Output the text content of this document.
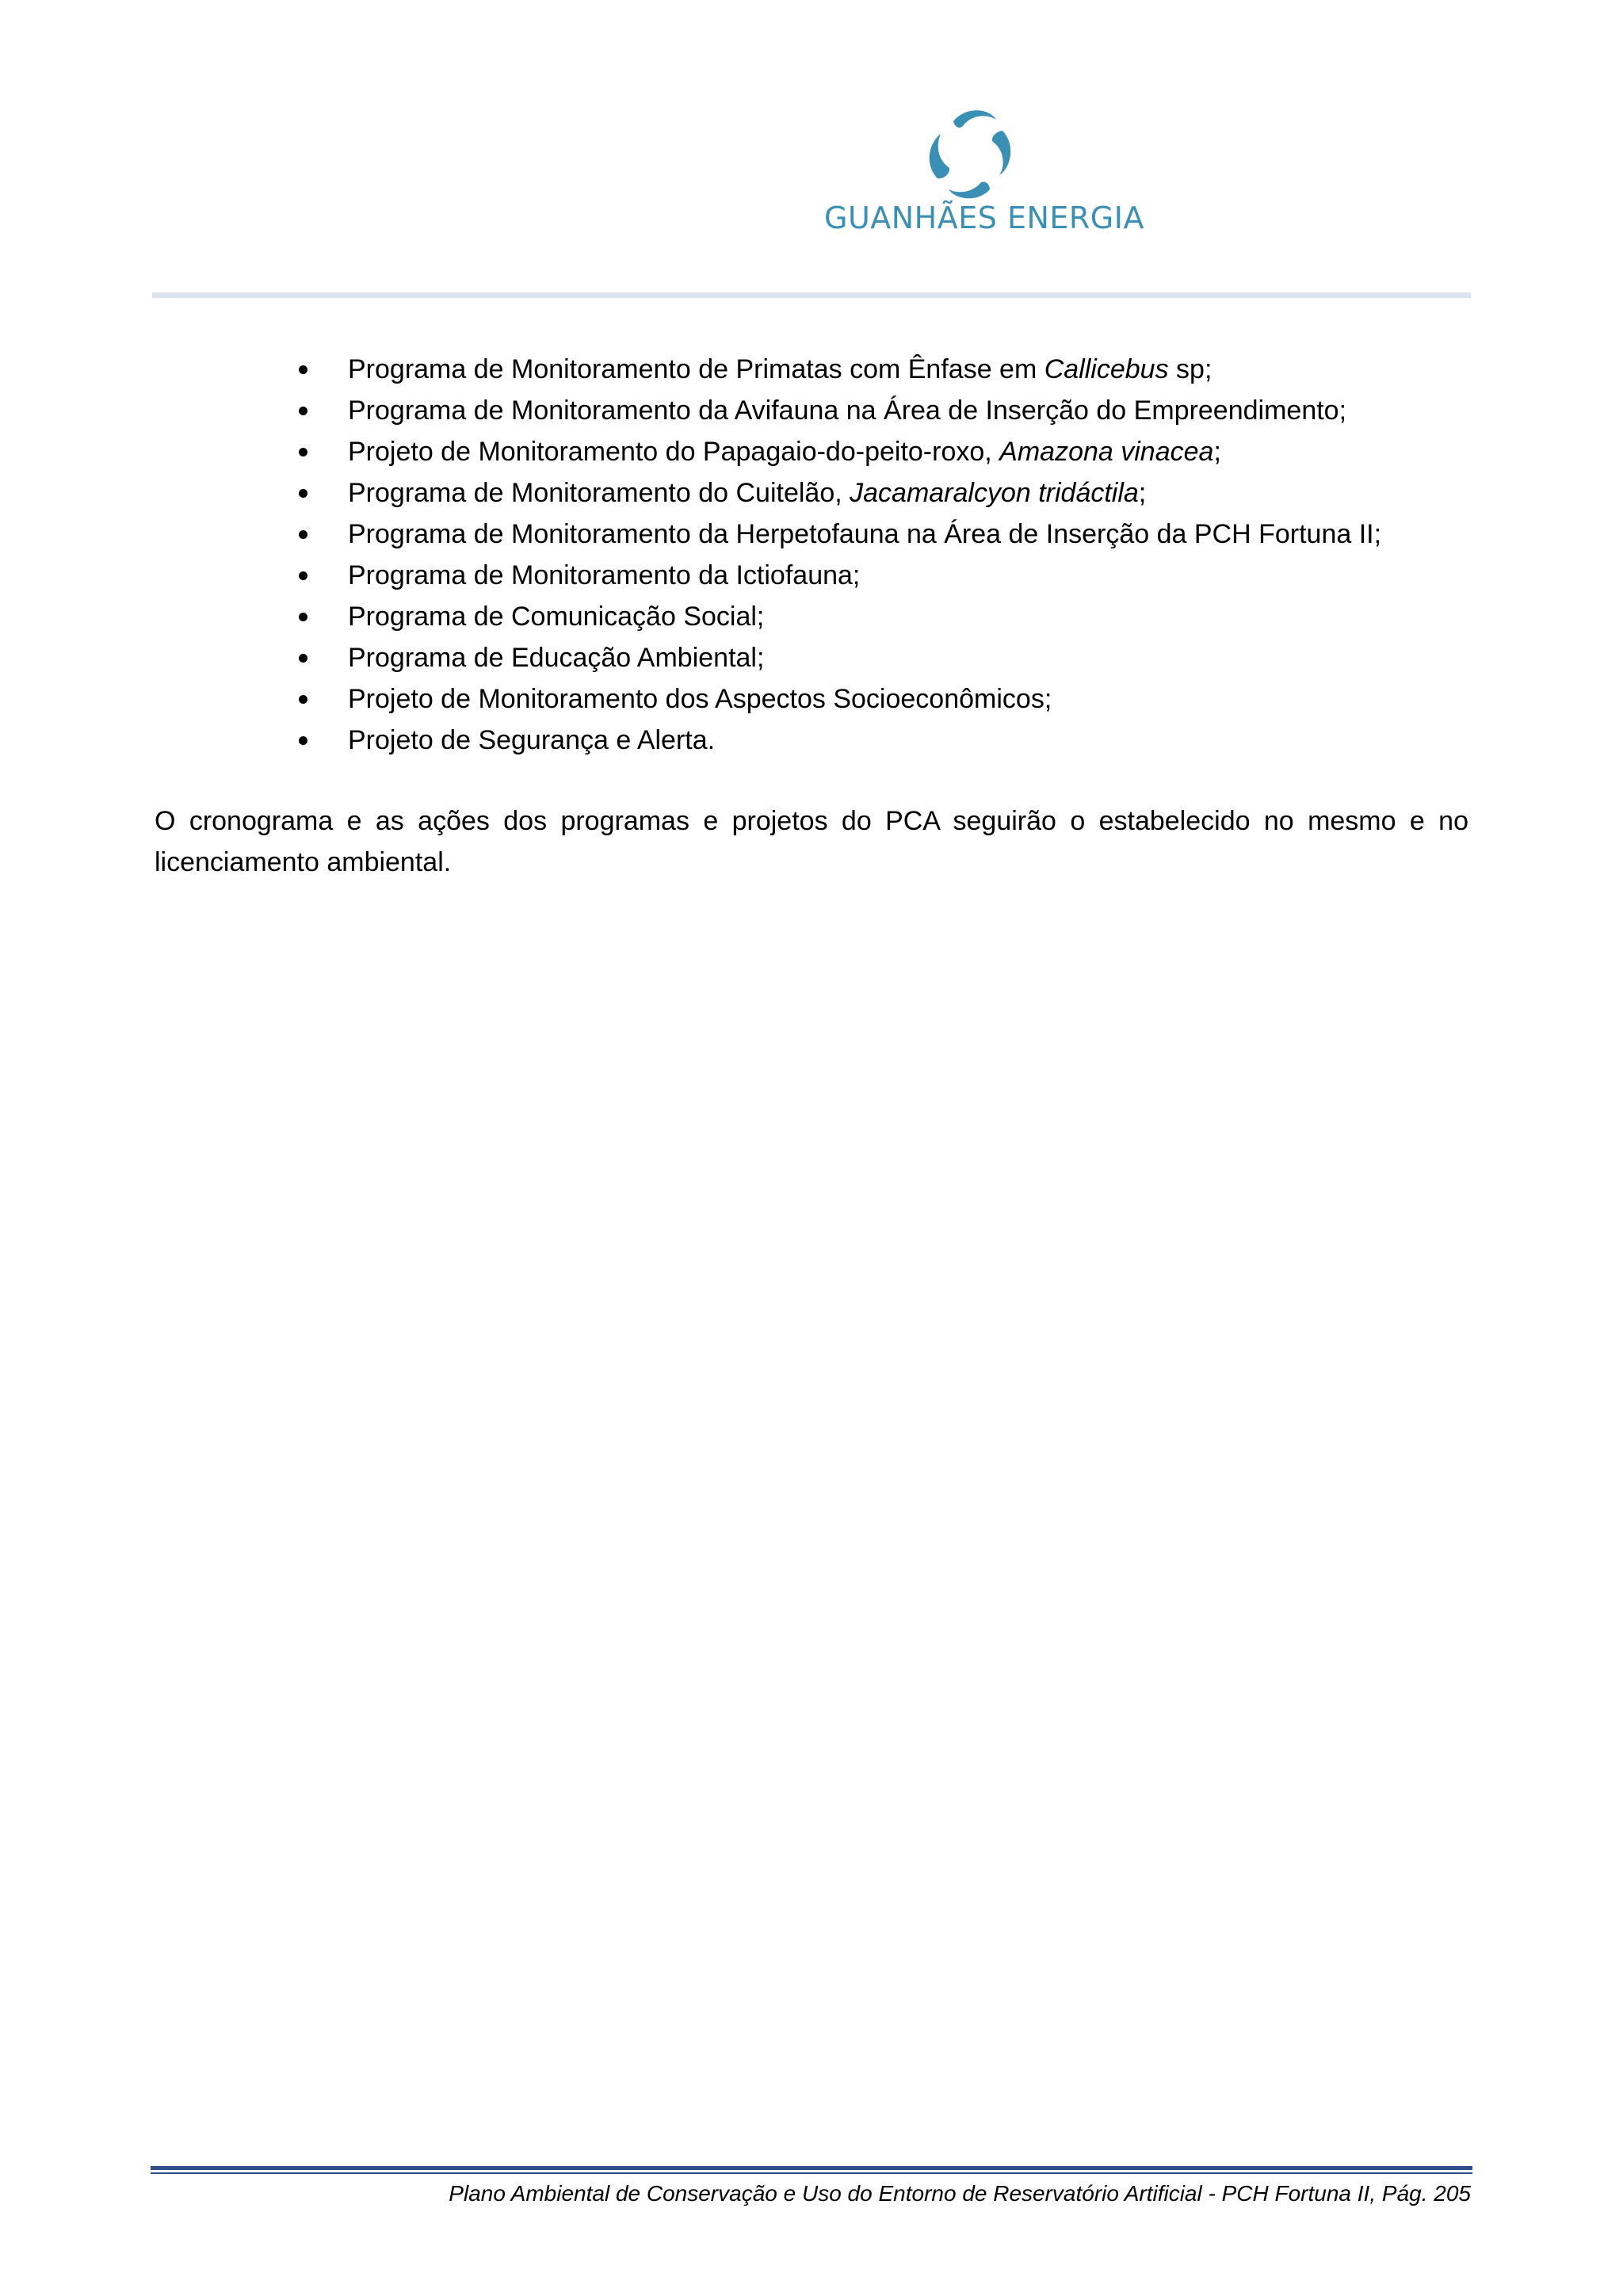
GUANHÃES ENERGIA
Programa de Monitoramento de Primatas com Ênfase em Callicebus sp;
Programa de Monitoramento da Avifauna na Área de Inserção do Empreendimento;
Projeto de Monitoramento do Papagaio-do-peito-roxo, Amazona vinacea;
Programa de Monitoramento do Cuitelão, Jacamaralcyon tridáctila;
Programa de Monitoramento da Herpetofauna na Área de Inserção da PCH Fortuna II;
Programa de Monitoramento da Ictiofauna;
Programa de Comunicação Social;
Programa de Educação Ambiental;
Projeto de Monitoramento dos Aspectos Socioeconômicos;
Projeto de Segurança e Alerta.
O cronograma e as ações dos programas e projetos do PCA seguirão o estabelecido no mesmo e no
licenciamento ambiental.
Plano Ambiental de Conservação e Uso do Entorno de Reservatório Artificial - PCH Fortuna II, Pág. 205
